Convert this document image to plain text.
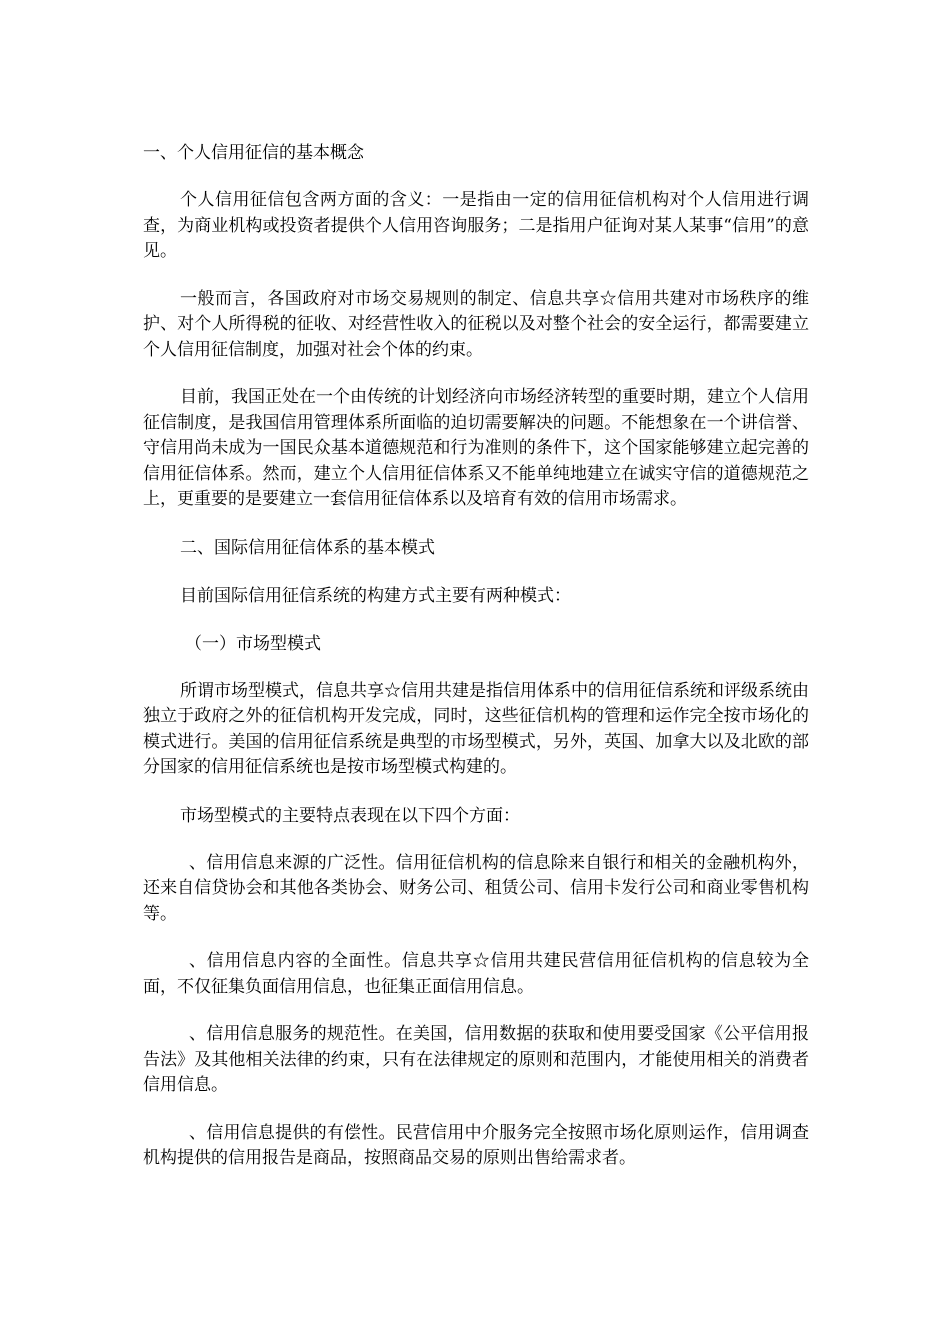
一、个人信用征信的基本概念

个人信用征信包含两方面的含义：一是指由一定的信用征信机构对个人信用进行调查，为商业机构或投资者提供个人信用咨询服务；二是指用户征询对某人某事“信用”的意见。

一般而言，各国政府对市场交易规则的制定、信息共享☆信用共建对市场秩序的维护、对个人所得税的征收、对经营性收入的征税以及对整个社会的安全运行，都需要建立个人信用征信制度，加强对社会个体的约束。

目前，我国正处在一个由传统的计划经济向市场经济转型的重要时期，建立个人信用征信制度，是我国信用管理体系所面临的迫切需要解决的问题。不能想象在一个讲信誉、守信用尚未成为一国民众基本道德规范和行为准则的条件下，这个国家能够建立起完善的信用征信体系。然而，建立个人信用征信体系又不能单纯地建立在诚实守信的道德规范之上，更重要的是要建立一套信用征信体系以及培育有效的信用市场需求。

二、国际信用征信体系的基本模式
目前国际信用征信系统的构建方式主要有两种模式：
（一）市场型模式

所谓市场型模式，信息共享☆信用共建是指信用体系中的信用征信系统和评级系统由独立于政府之外的征信机构开发完成，同时，这些征信机构的管理和运作完全按市场化的模式进行。美国的信用征信系统是典型的市场型模式，另外，英国、加拿大以及北欧的部分国家的信用征信系统也是按市场型模式构建的。

市场型模式的主要特点表现在以下四个方面：

、信用信息来源的广泛性。信用征信机构的信息除来自银行和相关的金融机构外，还来自信贷协会和其他各类协会、财务公司、租赁公司、信用卡发行公司和商业零售机构等。

、信用信息内容的全面性。信息共享☆信用共建民营信用征信机构的信息较为全面，不仅征集负面信用信息，也征集正面信用信息。

、信用信息服务的规范性。在美国，信用数据的获取和使用要受国家《公平信用报告法》及其他相关法律的约束，只有在法律规定的原则和范围内，才能使用相关的消费者信用信息。

、信用信息提供的有偿性。民营信用中介服务完全按照市场化原则运作，信用调查机构提供的信用报告是商品，按照商品交易的原则出售给需求者。
